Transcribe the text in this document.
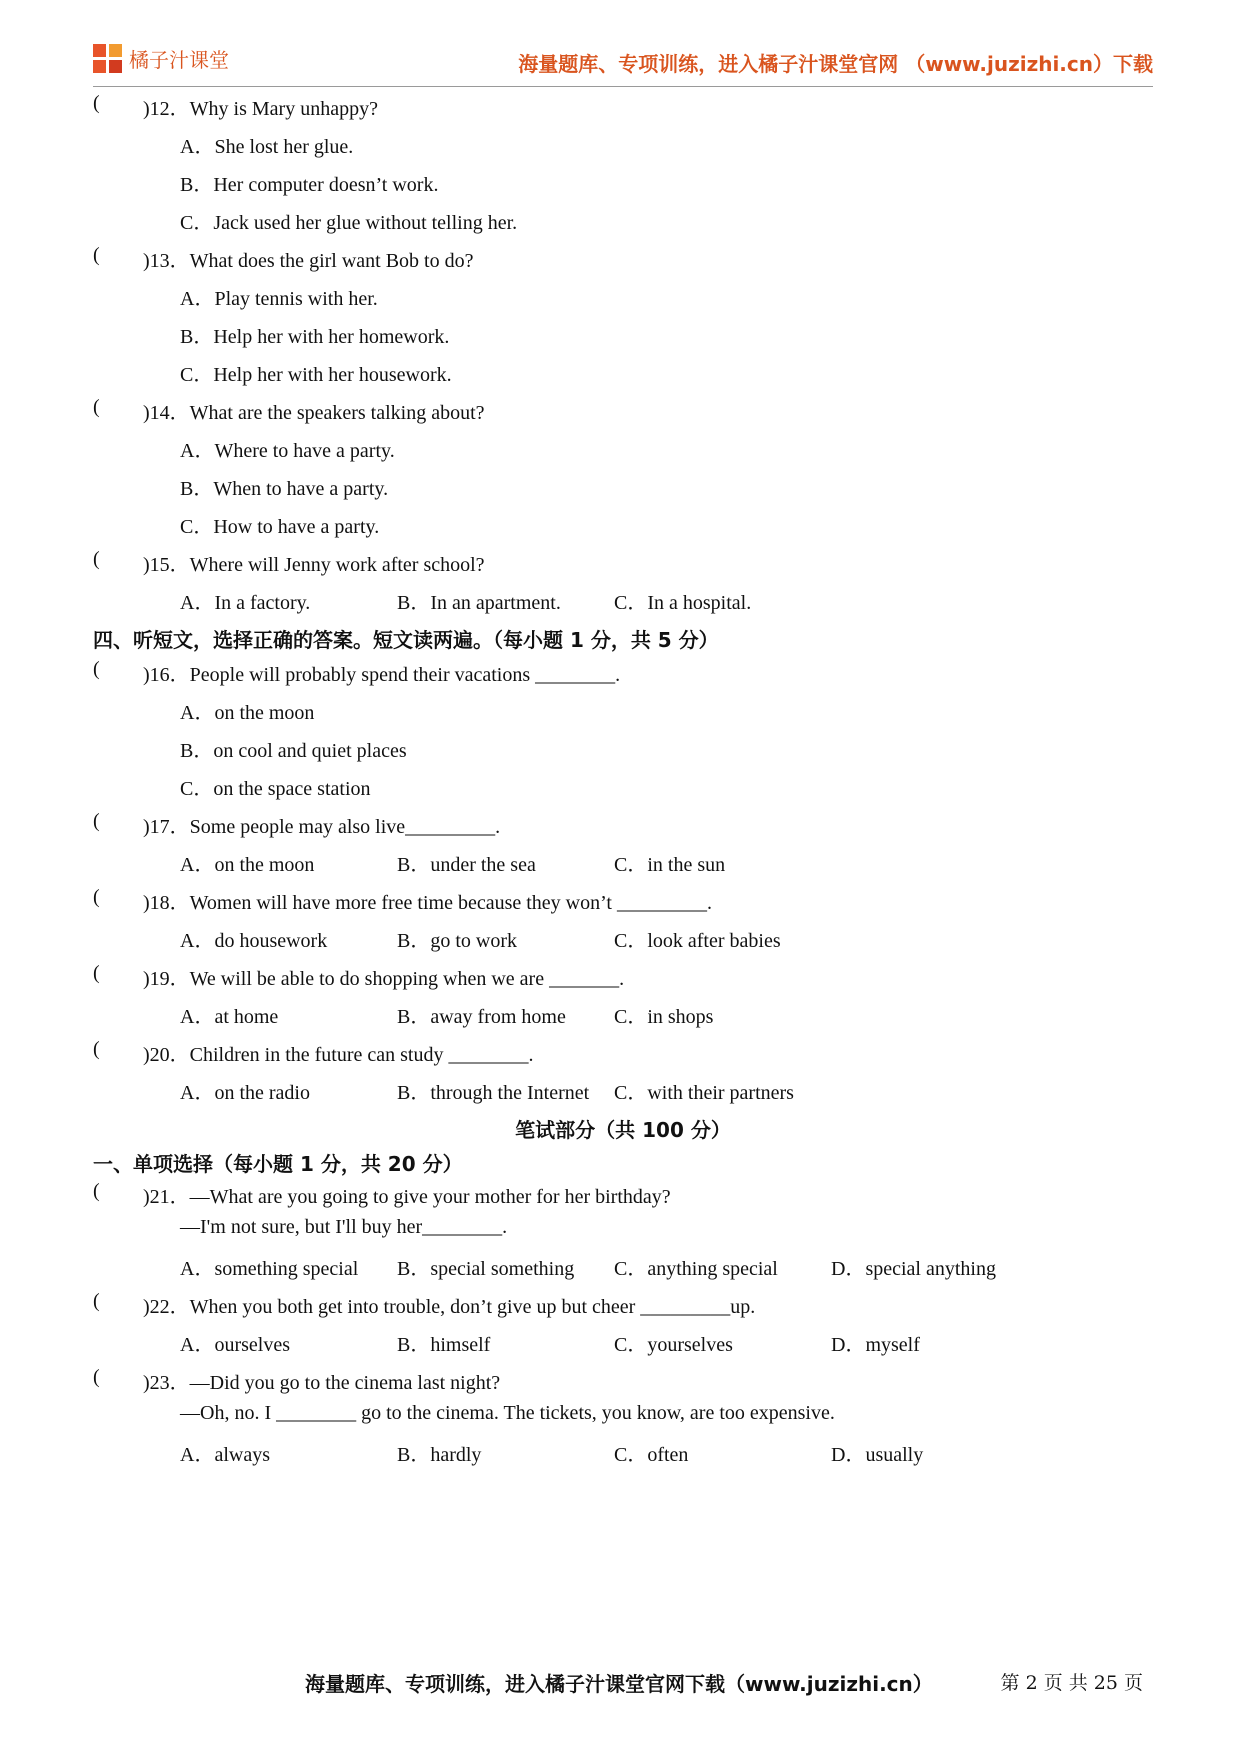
橘子汁课堂	海量题库、专项训练，进入橘子汁课堂官网 （www.juzizhi.cn）下载
( )12．Why is Mary unhappy?
A．She lost her glue.
B．Her computer doesn’t work.
C．Jack used her glue without telling her.
( )13．What does the girl want Bob to do?
A．Play tennis with her.
B．Help her with her homework.
C．Help her with her housework.
( )14．What are the speakers talking about?
A．Where to have a party.
B．When to have a party.
C．How to have a party.
( )15．Where will Jenny work after school?
A．In a factory.	B．In an apartment.	C．In a hospital.
四、听短文，选择正确的答案。短文读两遍。（每小题 1 分，共 5 分）
( )16．People will probably spend their vacations ________.
A．on the moon
B．on cool and quiet places
C．on the space station
( )17．Some people may also live_________.
A．on the moon	B．under the sea	C．in the sun
( )18．Women will have more free time because they won’t _________.
A．do housework	B．go to work	C．look after babies
( )19．We will be able to do shopping when we are _______.
A．at home	B．away from home C．in shops
( )20．Children in the future can study ________.
A．on the radio	B．through the Internet C．with their partners
笔试部分（共 100 分）
一、单项选择（每小题 1 分，共 20 分）
( )21．—What are you going to give your mother for her birthday?
—I'm not sure, but I'll buy her________.
A．something special B．special something C．anything special	D．special anything
( )22．When you both get into trouble, don’t give up but cheer _________up.
A．ourselves	B．himself	C．yourselves	D．myself
( )23．—Did you go to the cinema last night?
—Oh, no. I ________ go to the cinema. The tickets, you know, are too expensive.
A．always	B．hardly	C．often	D．usually
海量题库、专项训练，进入橘子汁课堂官网下载（www.juzizhi.cn）	第 2 页 共 25 页
